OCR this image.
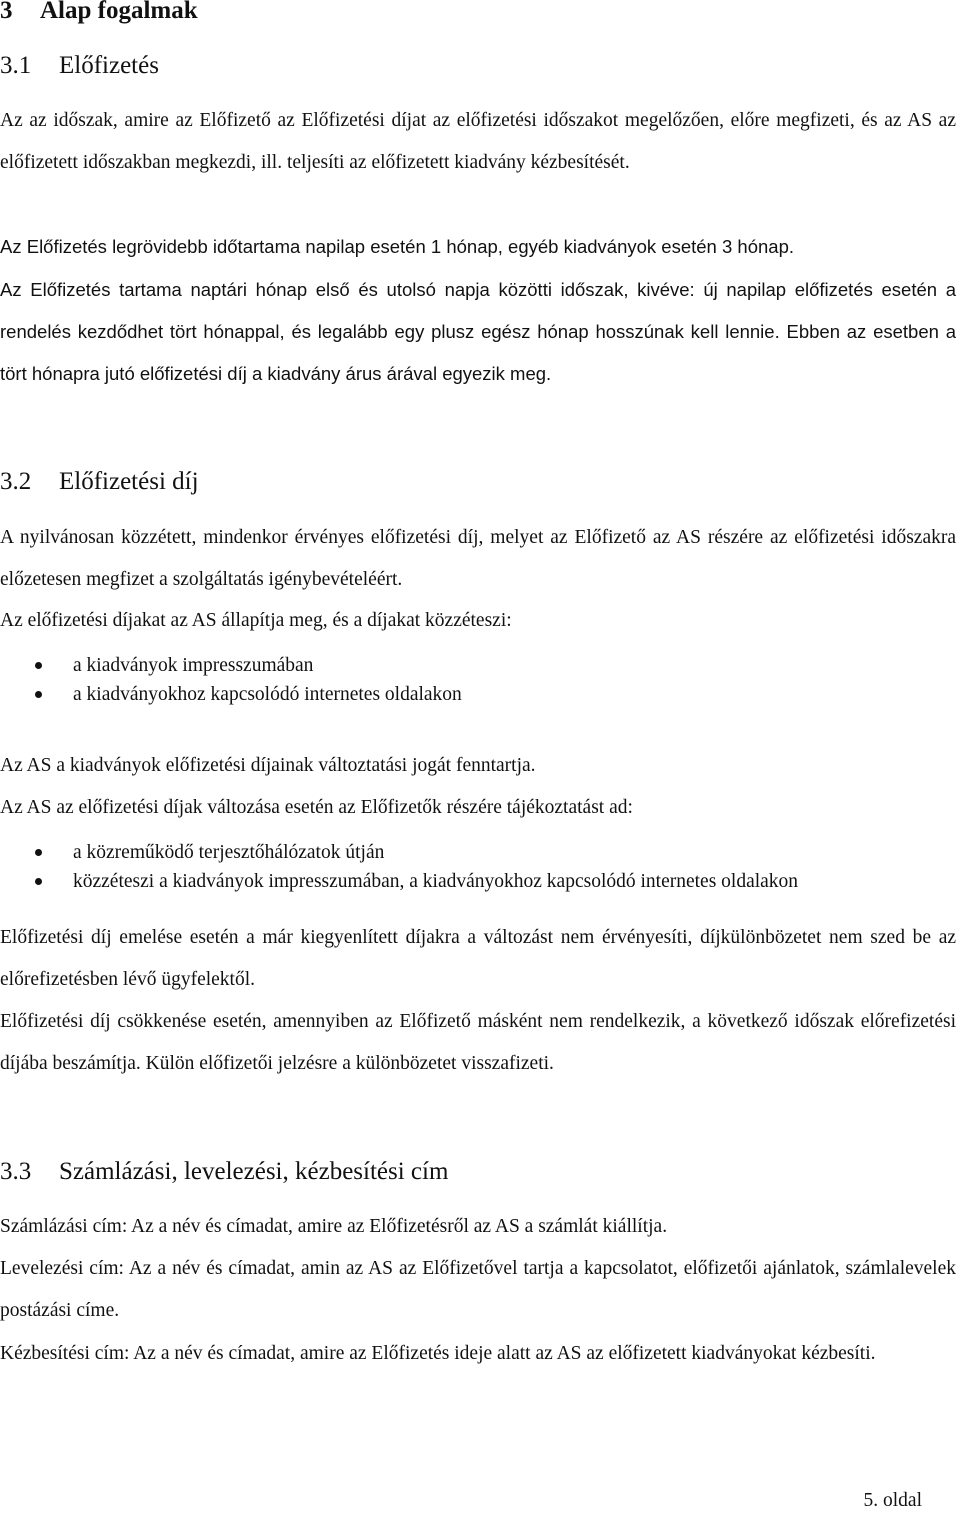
3 Alap fogalmak
3.1 Előfizetés

Az az időszak, amire az Előfizető az Előfizetési díjat az előfizetési időszakot megelőzően, előre megfizeti, és az AS az előfizetett időszakban megkezdi, ill. teljesíti az előfizetett kiadvány kézbesítését.

Az Előfizetés legrövidebb időtartama napilap esetén 1 hónap, egyéb kiadványok esetén 3 hónap.

Az Előfizetés tartama naptári hónap első és utolsó napja közötti időszak, kivéve: új napilap előfizetés esetén a rendelés kezdődhet tört hónappal, és legalább egy plusz egész hónap hosszúnak kell lennie. Ebben az esetben a tört hónapra jutó előfizetési díj a kiadvány árus árával egyezik meg.

3.2 Előfizetési díj

A nyilvánosan közzétett, mindenkor érvényes előfizetési díj, melyet az Előfizető az AS részére az előfizetési időszakra előzetesen megfizet a szolgáltatás igénybevételéért.

Az előfizetési díjakat az AS állapítja meg, és a díjakat közzéteszi:

a kiadványok impresszumában
a kiadványokhoz kapcsolódó internetes oldalakon

Az AS a kiadványok előfizetési díjainak változtatási jogát fenntartja.

Az AS az előfizetési díjak változása esetén az Előfizetők részére tájékoztatást ad:

a közreműködő terjesztőhálózatok útján
közzéteszi a kiadványok impresszumában, a kiadványokhoz kapcsolódó internetes oldalakon

Előfizetési díj emelése esetén a már kiegyenlített díjakra a változást nem érvényesíti, díjkülönbözetet nem szed be az előrefizetésben lévő ügyfelektől.

Előfizetési díj csökkenése esetén, amennyiben az Előfizető másként nem rendelkezik, a következő időszak előrefizetési díjába beszámítja. Külön előfizetői jelzésre a különbözetet visszafizeti.

3.3 Számlázási, levelezési, kézbesítési cím

Számlázási cím: Az a név és címadat, amire az Előfizetésről az AS a számlát kiállítja.

Levelezési cím: Az a név és címadat, amin az AS az Előfizetővel tartja a kapcsolatot, előfizetői ajánlatok, számlalevelek postázási címe.

Kézbesítési cím: Az a név és címadat, amire az Előfizetés ideje alatt az AS az előfizetett kiadványokat kézbesíti.

5. oldal
